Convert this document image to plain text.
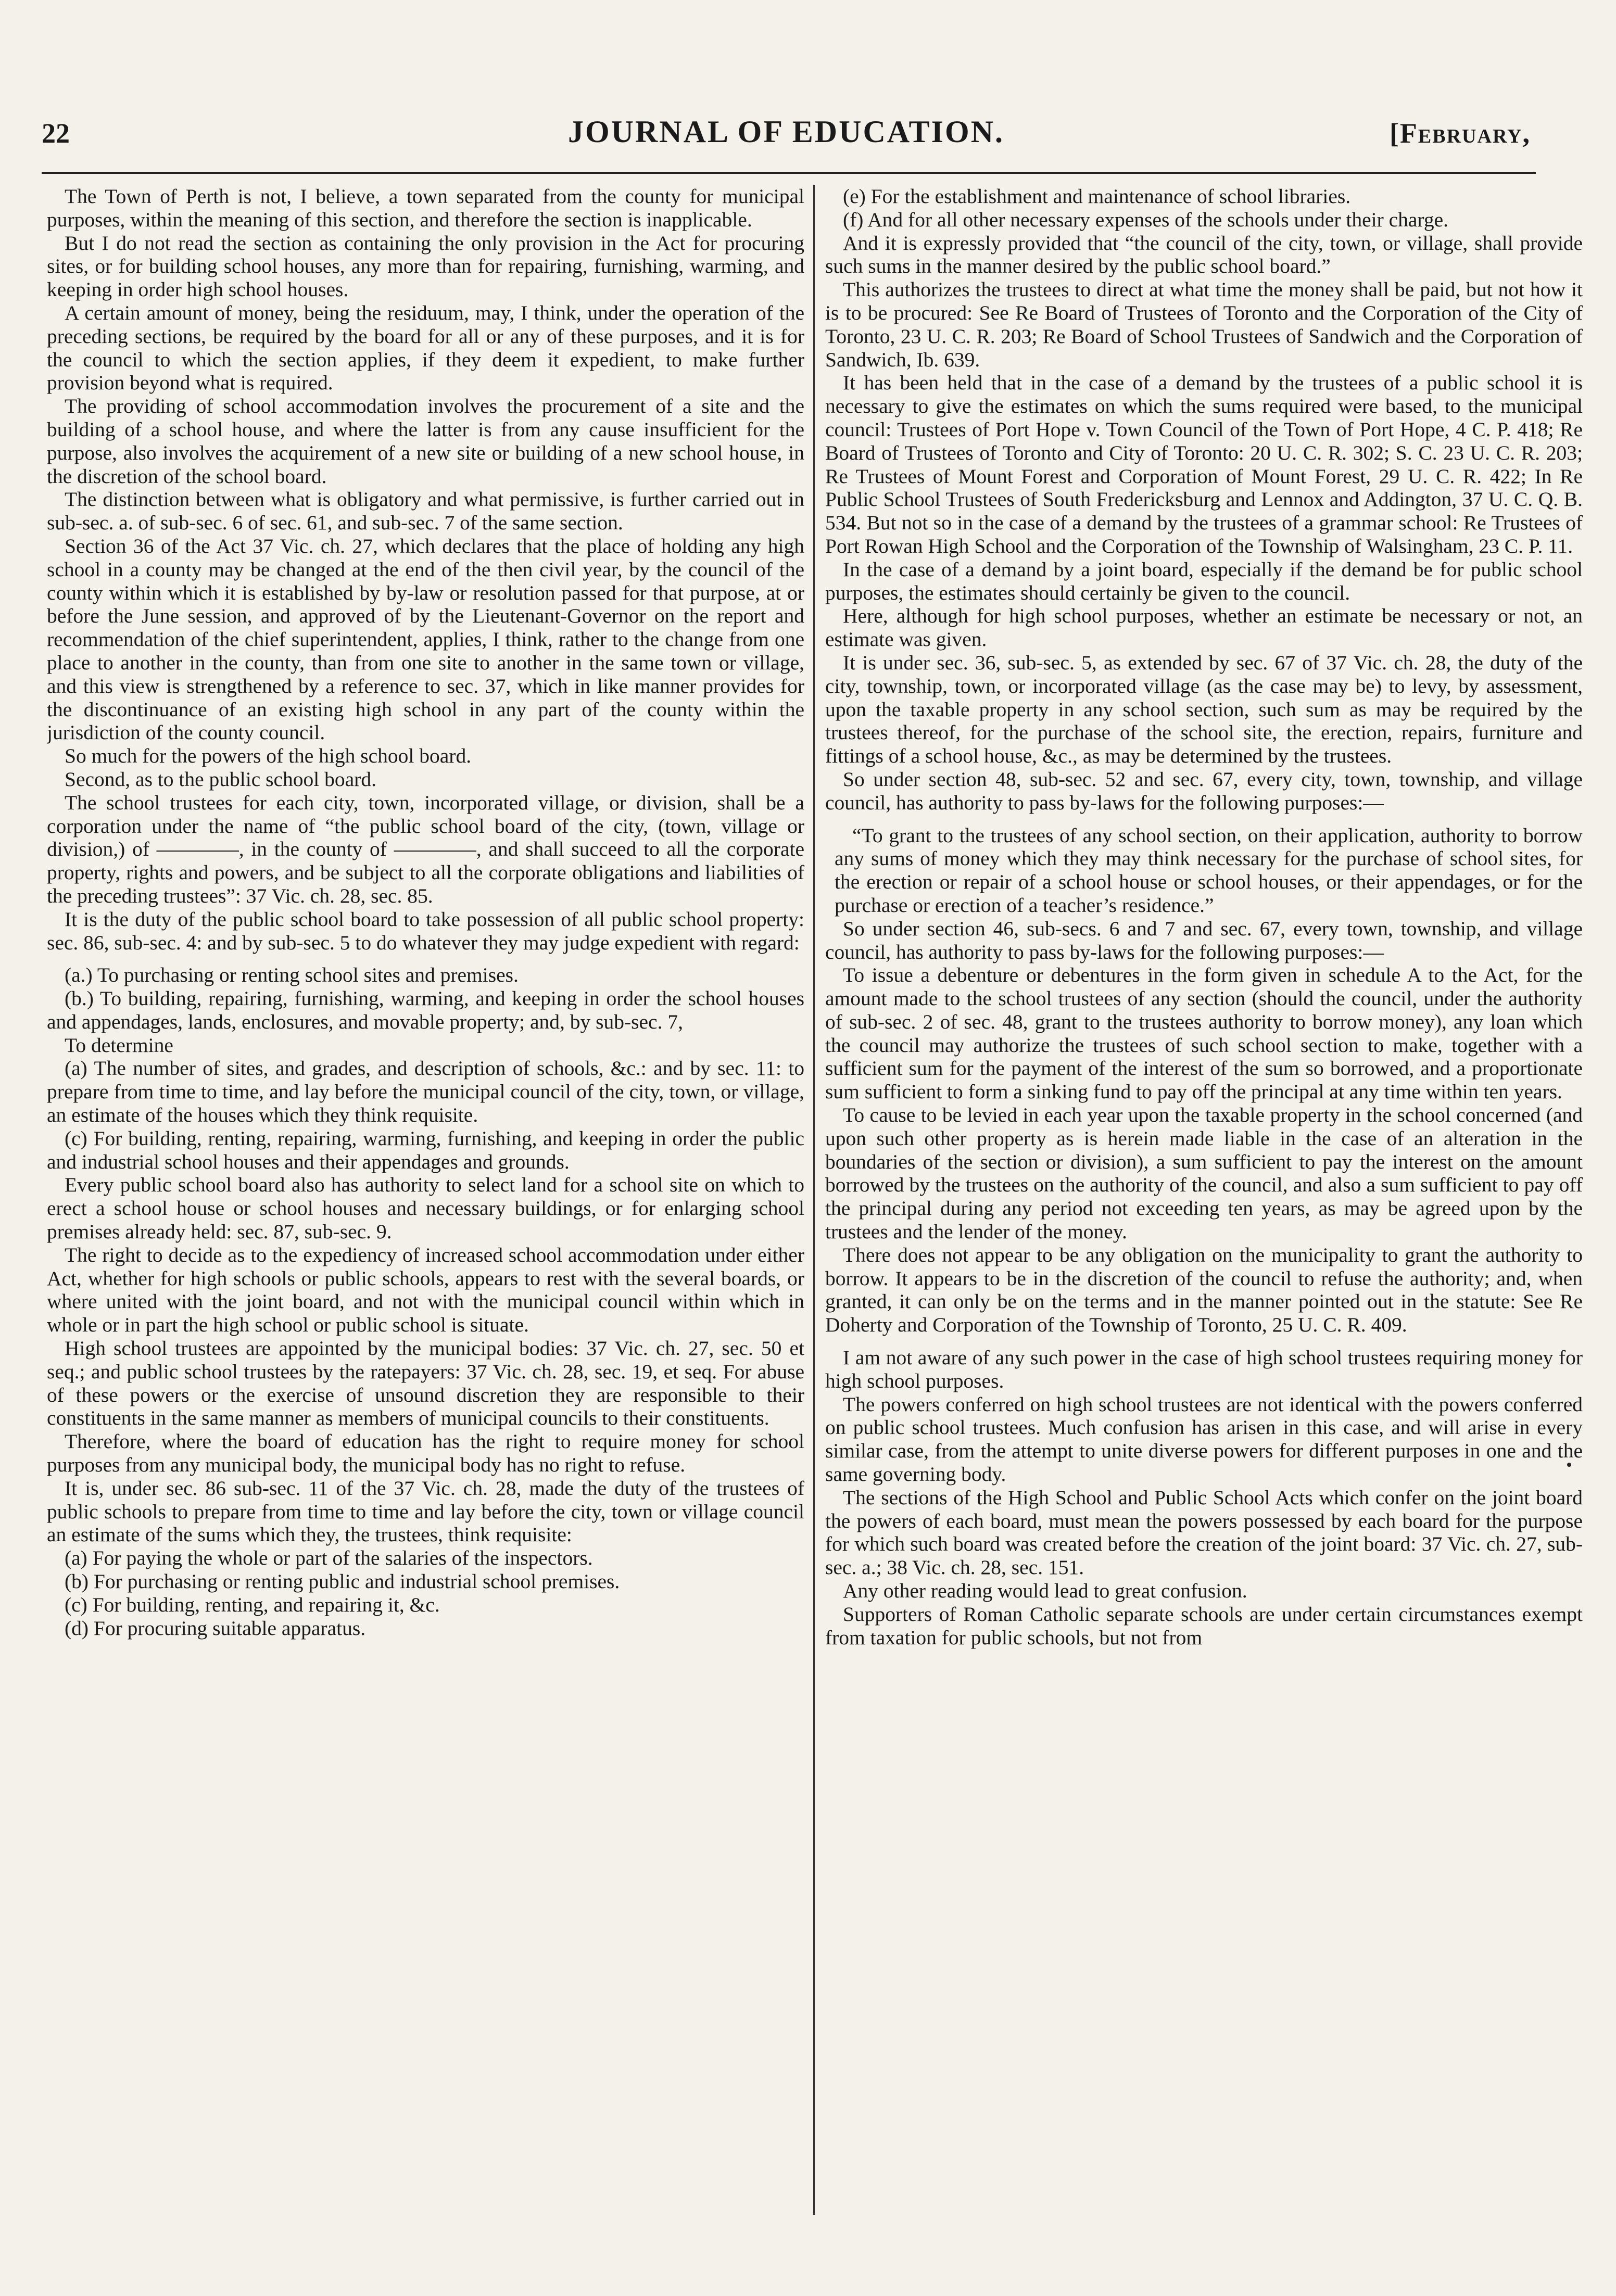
22	JOURNAL OF EDUCATION.	[February,

The Town of Perth is not, I believe, a town separated from the county for municipal purposes, within the meaning of this section, and therefore the section is inapplicable.

But I do not read the section as containing the only provision in the Act for procuring sites, or for building school houses, any more than for repairing, furnishing, warming, and keeping in order high school houses.

A certain amount of money, being the residuum, may, I think, under the operation of the preceding sections, be required by the board for all or any of these purposes, and it is for the council to which the section applies, if they deem it expedient, to make further provision beyond what is required.

The providing of school accommodation involves the procurement of a site and the building of a school house, and where the latter is from any cause insufficient for the purpose, also involves the acquirement of a new site or building of a new school house, in the discretion of the school board.

The distinction between what is obligatory and what permissive, is further carried out in sub-sec. a. of sub-sec. 6 of sec. 61, and sub-sec. 7 of the same section.

Section 36 of the Act 37 Vic. ch. 27, which declares that the place of holding any high school in a county may be changed at the end of the then civil year, by the council of the county within which it is established by by-law or resolution passed for that purpose, at or before the June session, and approved of by the Lieutenant-Governor on the report and recommendation of the chief superintendent, applies, I think, rather to the change from one place to another in the county, than from one site to another in the same town or village, and this view is strengthened by a reference to sec. 37, which in like manner provides for the discontinuance of an existing high school in any part of the county within the jurisdiction of the county council.

So much for the powers of the high school board.

Second, as to the public school board.

The school trustees for each city, town, incorporated village, or division, shall be a corporation under the name of “the public school board of the city, (town, village or division,) of ————, in the county of ————, and shall succeed to all the corporate property, rights and powers, and be subject to all the corporate obligations and liabilities of the preceding trustees”: 37 Vic. ch. 28, sec. 85.

It is the duty of the public school board to take possession of all public school property: sec. 86, sub-sec. 4: and by sub-sec. 5 to do whatever they may judge expedient with regard:

(a.) To purchasing or renting school sites and premises.

(b.) To building, repairing, furnishing, warming, and keeping in order the school houses and appendages, lands, enclosures, and movable property; and, by sub-sec. 7,

To determine

(a) The number of sites, and grades, and description of schools, &c.: and by sec. 11: to prepare from time to time, and lay before the municipal council of the city, town, or village, an estimate of the houses which they think requisite.

(c) For building, renting, repairing, warming, furnishing, and keeping in order the public and industrial school houses and their appendages and grounds.

Every public school board also has authority to select land for a school site on which to erect a school house or school houses and necessary buildings, or for enlarging school premises already held: sec. 87, sub-sec. 9.

The right to decide as to the expediency of increased school accommodation under either Act, whether for high schools or public schools, appears to rest with the several boards, or where united with the joint board, and not with the municipal council within which in whole or in part the high school or public school is situate.

High school trustees are appointed by the municipal bodies: 37 Vic. ch. 27, sec. 50 et seq.; and public school trustees by the ratepayers: 37 Vic. ch. 28, sec. 19, et seq. For abuse of these powers or the exercise of unsound discretion they are responsible to their constituents in the same manner as members of municipal councils to their constituents.

Therefore, where the board of education has the right to require money for school purposes from any municipal body, the municipal body has no right to refuse.

It is, under sec. 86 sub-sec. 11 of the 37 Vic. ch. 28, made the duty of the trustees of public schools to prepare from time to time and lay before the city, town or village council an estimate of the sums which they, the trustees, think requisite:

(a) For paying the whole or part of the salaries of the inspectors.

(b) For purchasing or renting public and industrial school premises.

(c) For building, renting, and repairing it, &c.

(d) For procuring suitable apparatus.

(e) For the establishment and maintenance of school libraries.

(f) And for all other necessary expenses of the schools under their charge.

And it is expressly provided that “the council of the city, town, or village, shall provide such sums in the manner desired by the public school board.”

This authorizes the trustees to direct at what time the money shall be paid, but not how it is to be procured: See Re Board of Trustees of Toronto and the Corporation of the City of Toronto, 23 U. C. R. 203; Re Board of School Trustees of Sandwich and the Corporation of Sandwich, Ib. 639.

It has been held that in the case of a demand by the trustees of a public school it is necessary to give the estimates on which the sums required were based, to the municipal council: Trustees of Port Hope v. Town Council of the Town of Port Hope, 4 C. P. 418; Re Board of Trustees of Toronto and City of Toronto: 20 U. C. R. 302; S. C. 23 U. C. R. 203; Re Trustees of Mount Forest and Corporation of Mount Forest, 29 U. C. R. 422; In Re Public School Trustees of South Fredericksburg and Lennox and Addington, 37 U. C. Q. B. 534. But not so in the case of a demand by the trustees of a grammar school: Re Trustees of Port Rowan High School and the Corporation of the Township of Walsingham, 23 C. P. 11.

In the case of a demand by a joint board, especially if the demand be for public school purposes, the estimates should certainly be given to the council.

Here, although for high school purposes, whether an estimate be necessary or not, an estimate was given.

It is under sec. 36, sub-sec. 5, as extended by sec. 67 of 37 Vic. ch. 28, the duty of the city, township, town, or incorporated village (as the case may be) to levy, by assessment, upon the taxable property in any school section, such sum as may be required by the trustees thereof, for the purchase of the school site, the erection, repairs, furniture and fittings of a school house, &c., as may be determined by the trustees.

So under section 48, sub-sec. 52 and sec. 67, every city, town, township, and village council, has authority to pass by-laws for the following purposes:—

“To grant to the trustees of any school section, on their application, authority to borrow any sums of money which they may think necessary for the purchase of school sites, for the erection or repair of a school house or school houses, or their appendages, or for the purchase or erection of a teacher’s residence.”

So under section 46, sub-secs. 6 and 7 and sec. 67, every town, township, and village council, has authority to pass by-laws for the following purposes:—

To issue a debenture or debentures in the form given in schedule A to the Act, for the amount made to the school trustees of any section (should the council, under the authority of sub-sec. 2 of sec. 48, grant to the trustees authority to borrow money), any loan which the council may authorize the trustees of such school section to make, together with a sufficient sum for the payment of the interest of the sum so borrowed, and a proportionate sum sufficient to form a sinking fund to pay off the principal at any time within ten years.

To cause to be levied in each year upon the taxable property in the school concerned (and upon such other property as is herein made liable in the case of an alteration in the boundaries of the section or division), a sum sufficient to pay the interest on the amount borrowed by the trustees on the authority of the council, and also a sum sufficient to pay off the principal during any period not exceeding ten years, as may be agreed upon by the trustees and the lender of the money.

There does not appear to be any obligation on the municipality to grant the authority to borrow. It appears to be in the discretion of the council to refuse the authority; and, when granted, it can only be on the terms and in the manner pointed out in the statute: See Re Doherty and Corporation of the Township of Toronto, 25 U. C. R. 409.

I am not aware of any such power in the case of high school trustees requiring money for high school purposes.

The powers conferred on high school trustees are not identical with the powers conferred on public school trustees. Much confusion has arisen in this case, and will arise in every similar case, from the attempt to unite diverse powers for different purposes in one and the same governing body.

The sections of the High School and Public School Acts which confer on the joint board the powers of each board, must mean the powers possessed by each board for the purpose for which such board was created before the creation of the joint board: 37 Vic. ch. 27, sub-sec. a.; 38 Vic. ch. 28, sec. 151.

Any other reading would lead to great confusion.

Supporters of Roman Catholic separate schools are under certain circumstances exempt from taxation for public schools, but not from
